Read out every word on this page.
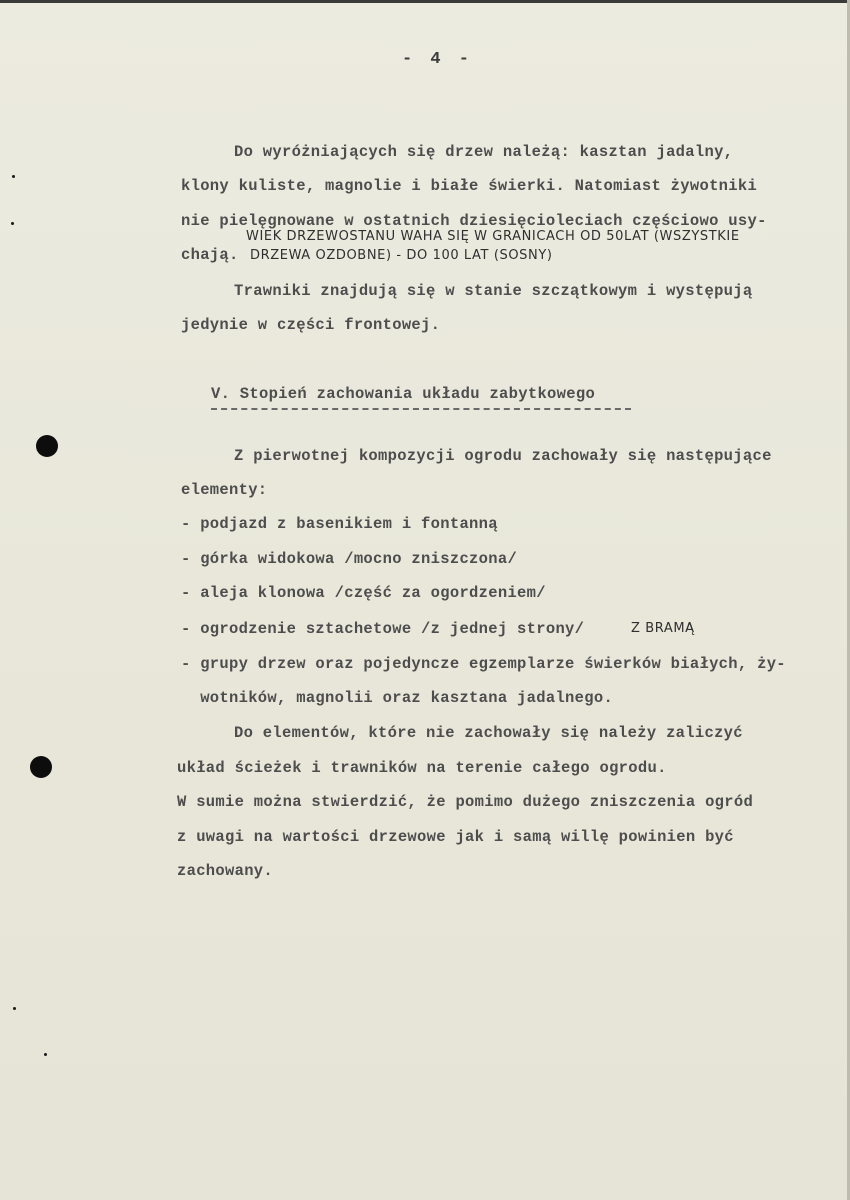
- 4 -
Do wyróżniających się drzew należą: kasztan jadalny,
klony kuliste, magnolie i białe świerki. Natomiast żywotniki
nie pielęgnowane w ostatnich dziesięcioleciach częściowo usy-
chają.
WIEK DRZEWOSTANU WAHA SIĘ W GRANICACH OD 50LAT (WSZYSTKIE
DRZEWA OZDOBNE) - DO 100 LAT (SOSNY)
Trawniki znajdują się w stanie szczątkowym i występują
jedynie w części frontowej.
V. Stopień zachowania układu zabytkowego
Z pierwotnej kompozycji ogrodu zachowały się następujące
elementy:
- podjazd z basenikiem i fontanną
- górka widokowa /mocno zniszczona/
- aleja klonowa /część za ogordzeniem/
- ogrodzenie sztachetowe /z jednej strony/	Z BRAMĄ
- grupy drzew oraz pojedyncze egzemplarze świerków białych, ży-
wotników, magnolii oraz kasztana jadalnego.
Do elementów, które nie zachowały się należy zaliczyć
układ ścieżek i trawników na terenie całego ogrodu.
W sumie można stwierdzić, że pomimo dużego zniszczenia ogród
z uwagi na wartości drzewowe jak i samą willę powinien być
zachowany.
